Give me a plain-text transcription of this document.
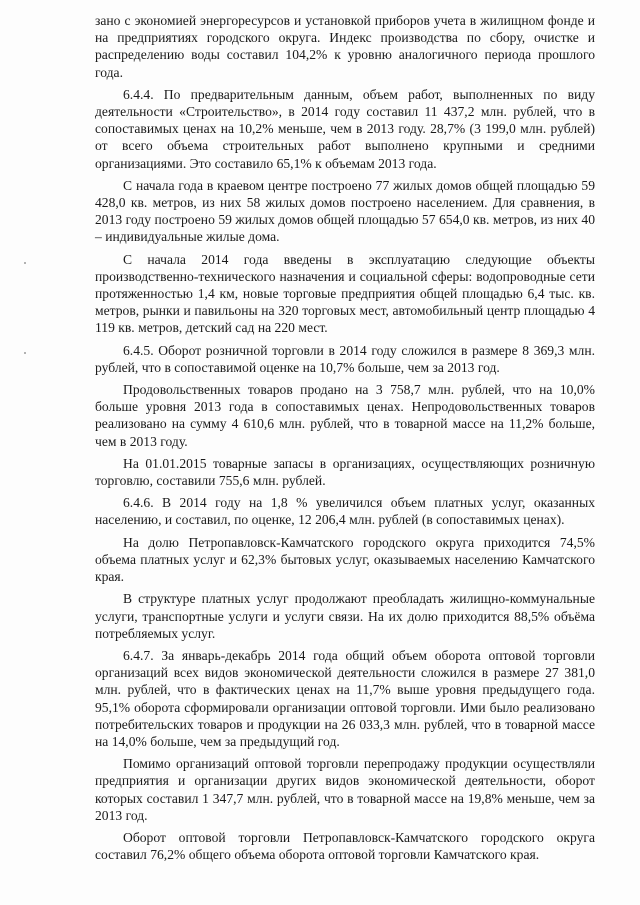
зано с экономией энергоресурсов и установкой приборов учета в жилищном фонде и на предприятиях городского округа. Индекс производства по сбору, очистке и распределению воды составил 104,2% к уровню аналогичного периода прошлого года.

6.4.4. По предварительным данным, объем работ, выполненных по виду деятельности «Строительство», в 2014 году составил 11 437,2 млн. рублей, что в сопоставимых ценах на 10,2% меньше, чем в 2013 году. 28,7% (3 199,0 млн. рублей) от всего объема строительных работ выполнено крупными и средними организациями. Это составило 65,1% к объемам 2013 года.

С начала года в краевом центре построено 77 жилых домов общей площадью 59 428,0 кв. метров, из них 58 жилых домов построено населением. Для сравнения, в 2013 году построено 59 жилых домов общей площадью 57 654,0 кв. метров, из них 40 – индивидуальные жилые дома.

С начала 2014 года введены в эксплуатацию следующие объекты производственно-технического назначения и социальной сферы: водопроводные сети протяженностью 1,4 км, новые торговые предприятия общей площадью 6,4 тыс. кв. метров, рынки и павильоны на 320 торговых мест, автомобильный центр площадью 4 119 кв. метров, детский сад на 220 мест.

6.4.5. Оборот розничной торговли в 2014 году сложился в размере 8 369,3 млн. рублей, что в сопоставимой оценке на 10,7% больше, чем за 2013 год.

Продовольственных товаров продано на 3 758,7 млн. рублей, что на 10,0% больше уровня 2013 года в сопоставимых ценах. Непродовольственных товаров реализовано на сумму 4 610,6 млн. рублей, что в товарной массе на 11,2% больше, чем в 2013 году.

На 01.01.2015 товарные запасы в организациях, осуществляющих розничную торговлю, составили 755,6 млн. рублей.

6.4.6. В 2014 году на 1,8 % увеличился объем платных услуг, оказанных населению, и составил, по оценке, 12 206,4 млн. рублей (в сопоставимых ценах).

На долю Петропавловск-Камчатского городского округа приходится 74,5% объема платных услуг и 62,3% бытовых услуг, оказываемых населению Камчатского края.

В структуре платных услуг продолжают преобладать жилищно-коммунальные услуги, транспортные услуги и услуги связи. На их долю приходится 88,5% объёма потребляемых услуг.

6.4.7. За январь-декабрь 2014 года общий объем оборота оптовой торговли организаций всех видов экономической деятельности сложился в размере 27 381,0 млн. рублей, что в фактических ценах на 11,7% выше уровня предыдущего года. 95,1% оборота сформировали организации оптовой торговли. Ими было реализовано потребительских товаров и продукции на 26 033,3 млн. рублей, что в товарной массе на 14,0% больше, чем за предыдущий год.

Помимо организаций оптовой торговли перепродажу продукции осуществляли предприятия и организации других видов экономической деятельности, оборот которых составил 1 347,7 млн. рублей, что в товарной массе на 19,8% меньше, чем за 2013 год.

Оборот оптовой торговли Петропавловск-Камчатского городского округа составил 76,2% общего объема оборота оптовой торговли Камчатского края.
